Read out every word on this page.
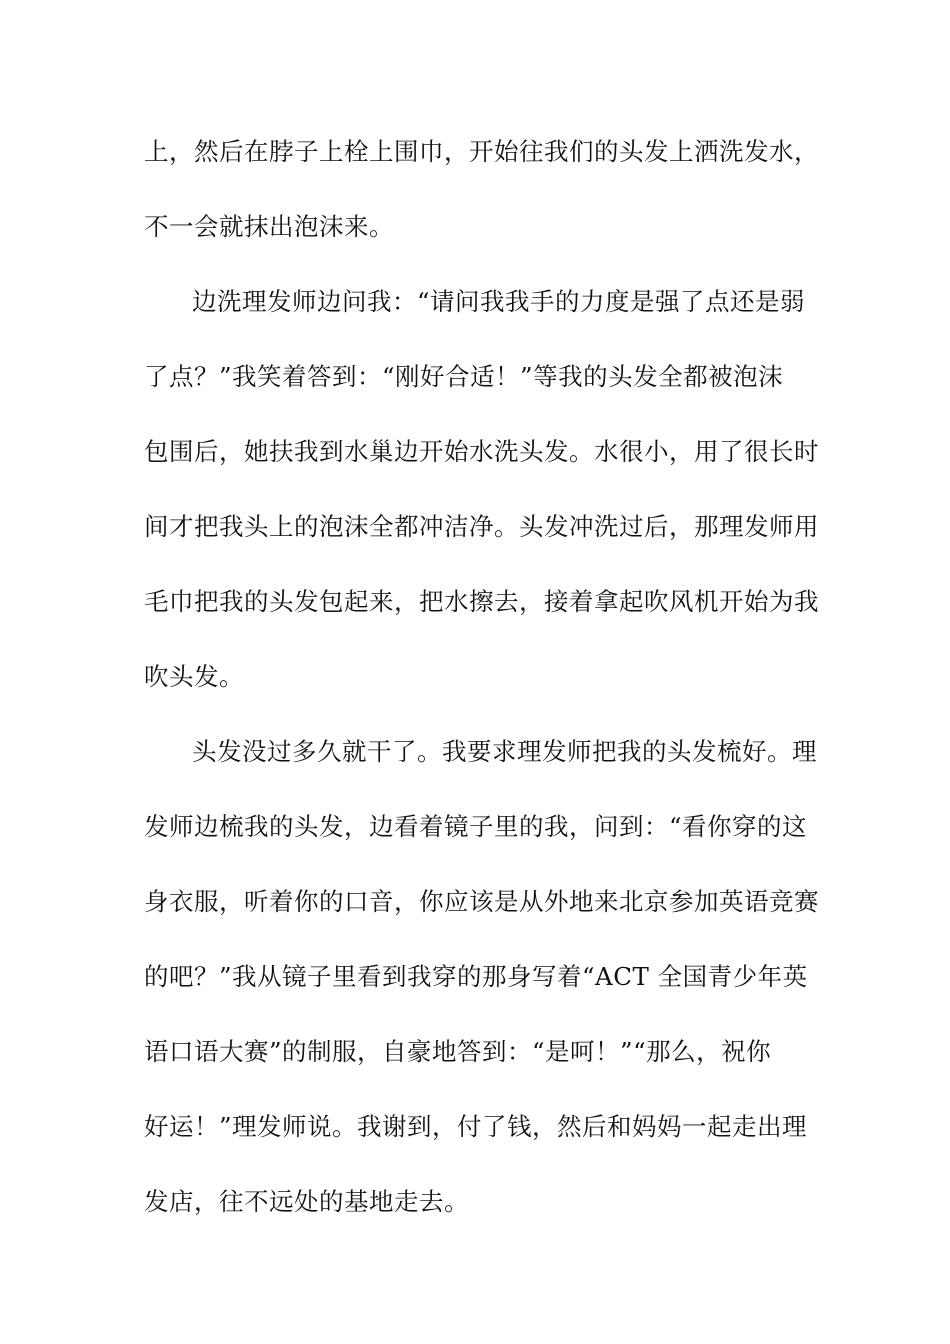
上，然后在脖子上栓上围巾，开始往我们的头发上洒洗发水，
不一会就抹出泡沫来。
边洗理发师边问我：“请问我我手的力度是强了点还是弱
了点？”我笑着答到：“刚好合适！”等我的头发全都被泡沫
包围后，她扶我到水巢边开始水洗头发。水很小，用了很长时
间才把我头上的泡沫全都冲洁净。头发冲洗过后，那理发师用
毛巾把我的头发包起来，把水擦去，接着拿起吹风机开始为我
吹头发。
头发没过多久就干了。我要求理发师把我的头发梳好。理
发师边梳我的头发，边看着镜子里的我，问到：“看你穿的这
身衣服，听着你的口音，你应该是从外地来北京参加英语竞赛
的吧？”我从镜子里看到我穿的那身写着“ACT 全国青少年英
语口语大赛”的制服，自豪地答到：“是呵！”“那么，祝你
好运！”理发师说。我谢到，付了钱，然后和妈妈一起走出理
发店，往不远处的基地走去。
